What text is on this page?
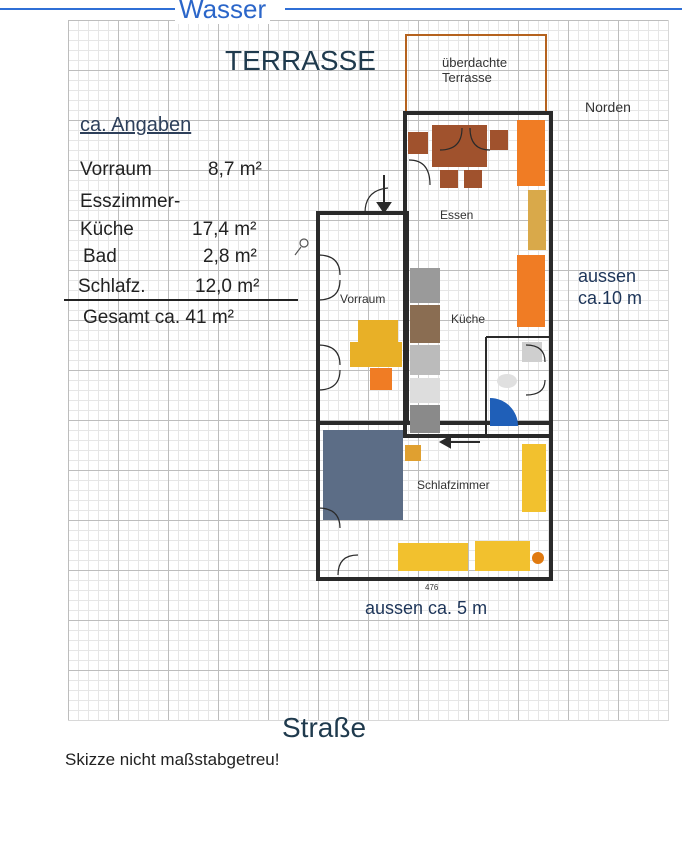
Wasser
TERRASSE	überdachte
Terrasse
ca. Angaben
Vorraum	8,7 m²
Esszimmer-
Küche	17,4 m²
Bad	2,8 m²
Schlafz.	12,0 m²
Gesamt ca. 41 m²
Essen
Vorraum
Küche
Schlafzimmer
Norden
aussen
ca.10 m
476
aussen ca. 5 m
Straße
Skizze nicht maßstabgetreu!
